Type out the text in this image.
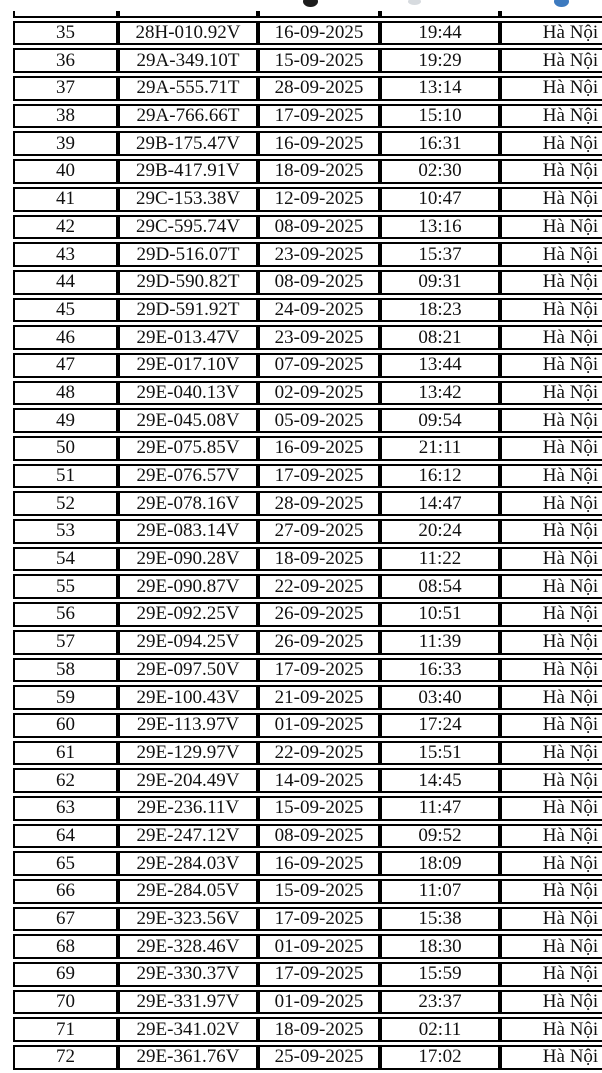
35	28H-010.92V	16-09-2025	19:44	Hà Nội
36	29A-349.10T	15-09-2025	19:29	Hà Nội
37	29A-555.71T	28-09-2025	13:14	Hà Nội
38	29A-766.66T	17-09-2025	15:10	Hà Nội
39	29B-175.47V	16-09-2025	16:31	Hà Nội
40	29B-417.91V	18-09-2025	02:30	Hà Nội
41	29C-153.38V	12-09-2025	10:47	Hà Nội
42	29C-595.74V	08-09-2025	13:16	Hà Nội
43	29D-516.07T	23-09-2025	15:37	Hà Nội
44	29D-590.82T	08-09-2025	09:31	Hà Nội
45	29D-591.92T	24-09-2025	18:23	Hà Nội
46	29E-013.47V	23-09-2025	08:21	Hà Nội
47	29E-017.10V	07-09-2025	13:44	Hà Nội
48	29E-040.13V	02-09-2025	13:42	Hà Nội
49	29E-045.08V	05-09-2025	09:54	Hà Nội
50	29E-075.85V	16-09-2025	21:11	Hà Nội
51	29E-076.57V	17-09-2025	16:12	Hà Nội
52	29E-078.16V	28-09-2025	14:47	Hà Nội
53	29E-083.14V	27-09-2025	20:24	Hà Nội
54	29E-090.28V	18-09-2025	11:22	Hà Nội
55	29E-090.87V	22-09-2025	08:54	Hà Nội
56	29E-092.25V	26-09-2025	10:51	Hà Nội
57	29E-094.25V	26-09-2025	11:39	Hà Nội
58	29E-097.50V	17-09-2025	16:33	Hà Nội
59	29E-100.43V	21-09-2025	03:40	Hà Nội
60	29E-113.97V	01-09-2025	17:24	Hà Nội
61	29E-129.97V	22-09-2025	15:51	Hà Nội
62	29E-204.49V	14-09-2025	14:45	Hà Nội
63	29E-236.11V	15-09-2025	11:47	Hà Nội
64	29E-247.12V	08-09-2025	09:52	Hà Nội
65	29E-284.03V	16-09-2025	18:09	Hà Nội
66	29E-284.05V	15-09-2025	11:07	Hà Nội
67	29E-323.56V	17-09-2025	15:38	Hà Nội
68	29E-328.46V	01-09-2025	18:30	Hà Nội
69	29E-330.37V	17-09-2025	15:59	Hà Nội
70	29E-331.97V	01-09-2025	23:37	Hà Nội
71	29E-341.02V	18-09-2025	02:11	Hà Nội
72	29E-361.76V	25-09-2025	17:02	Hà Nội
